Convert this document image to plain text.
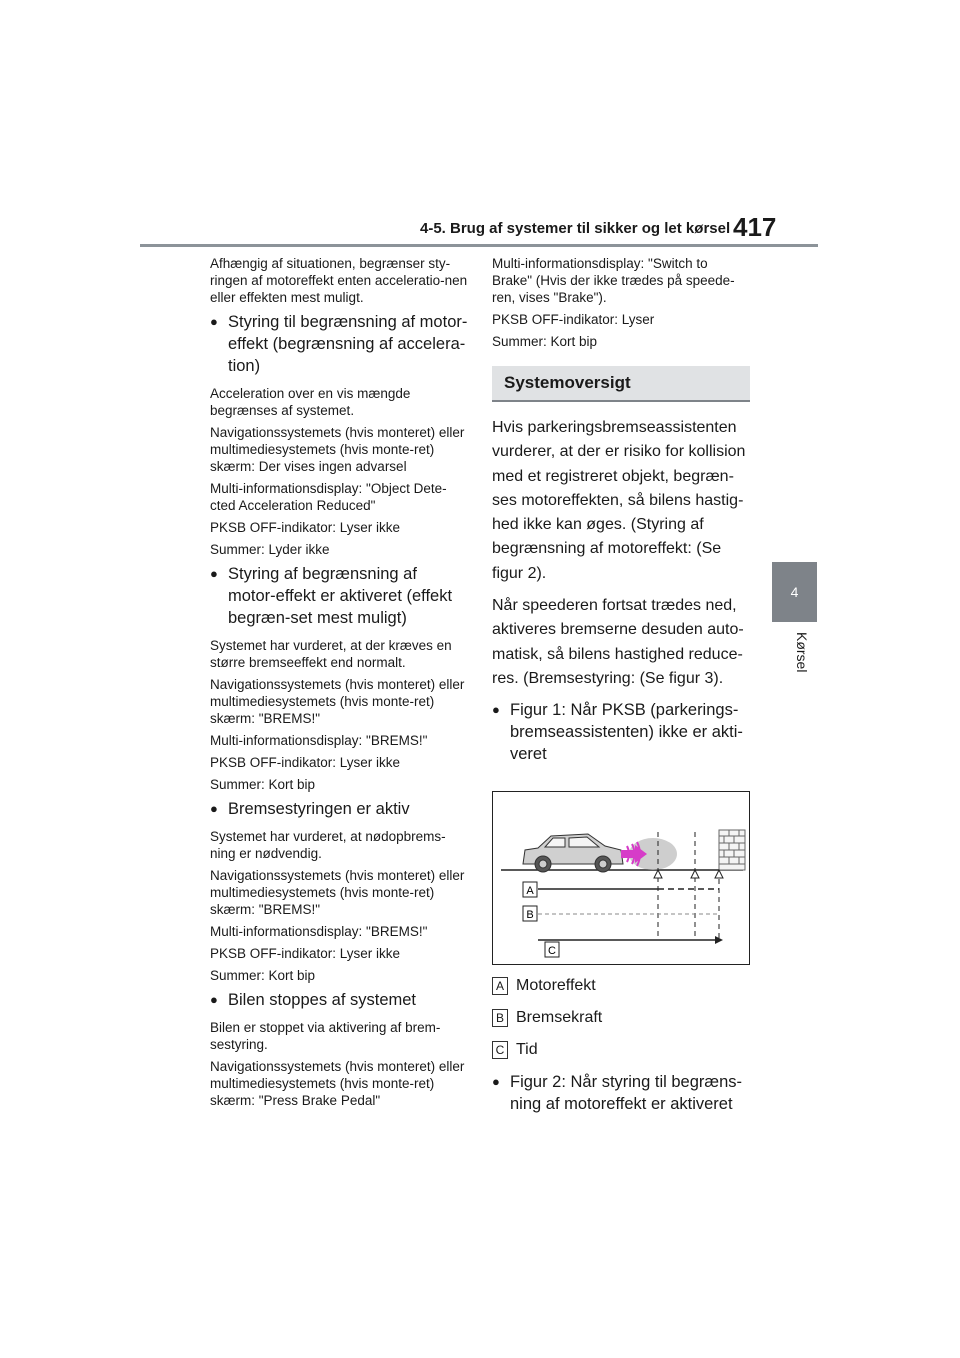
4-5. Brug af systemer til sikker og let kørsel 417
4
Kørsel

Afhængig af situationen, begrænser sty-ringen af motoreffekt enten acceleratio-nen eller effekten mest muligt.

● Styring til begrænsning af motor-effekt (begrænsning af accelera-tion)

Acceleration over en vis mængde begrænses af systemet.

Navigationssystemets (hvis monteret) eller multimediesystemets (hvis monte-ret) skærm: Der vises ingen advarsel

Multi-informationsdisplay: "Object Dete-cted Acceleration Reduced"

PKSB OFF-indikator: Lyser ikke

Summer: Lyder ikke

● Styring af begrænsning af motor-effekt er aktiveret (effekt begræn-set mest muligt)

Systemet har vurderet, at der kræves en større bremseeffekt end normalt.

Navigationssystemets (hvis monteret) eller multimediesystemets (hvis monte-ret) skærm: "BREMS!"

Multi-informationsdisplay: "BREMS!"

PKSB OFF-indikator: Lyser ikke

Summer: Kort bip

● Bremsestyringen er aktiv

Systemet har vurderet, at nødopbrems-ning er nødvendig.

Navigationssystemets (hvis monteret) eller multimediesystemets (hvis monte-ret) skærm: "BREMS!"

Multi-informationsdisplay: "BREMS!"

PKSB OFF-indikator: Lyser ikke

Summer: Kort bip

● Bilen stoppes af systemet

Bilen er stoppet via aktivering af brem-sestyring.

Navigationssystemets (hvis monteret) eller multimediesystemets (hvis monte-ret) skærm: "Press Brake Pedal"

Multi-informationsdisplay: "Switch to Brake" (Hvis der ikke trædes på speede-ren, vises "Brake").

PKSB OFF-indikator: Lyser

Summer: Kort bip

Systemoversigt

Hvis parkeringsbremseassistenten vurderer, at der er risiko for kollision med et registreret objekt, begræn-ses motoreffekten, så bilens hastig-hed ikke kan øges. (Styring af begrænsning af motoreffekt: (Se figur 2).

Når speederen fortsat trædes ned, aktiveres bremserne desuden auto-matisk, så bilens hastighed reduce-res. (Bremsestyring: (Se figur 3).

● Figur 1: Når PKSB (parkerings-bremseassistenten) ikke er akti-veret
A
B
C
A Motoreffekt
B Bremsekraft
C Tid
● Figur 2: Når styring til begræns-ning af motoreffekt er aktiveret
